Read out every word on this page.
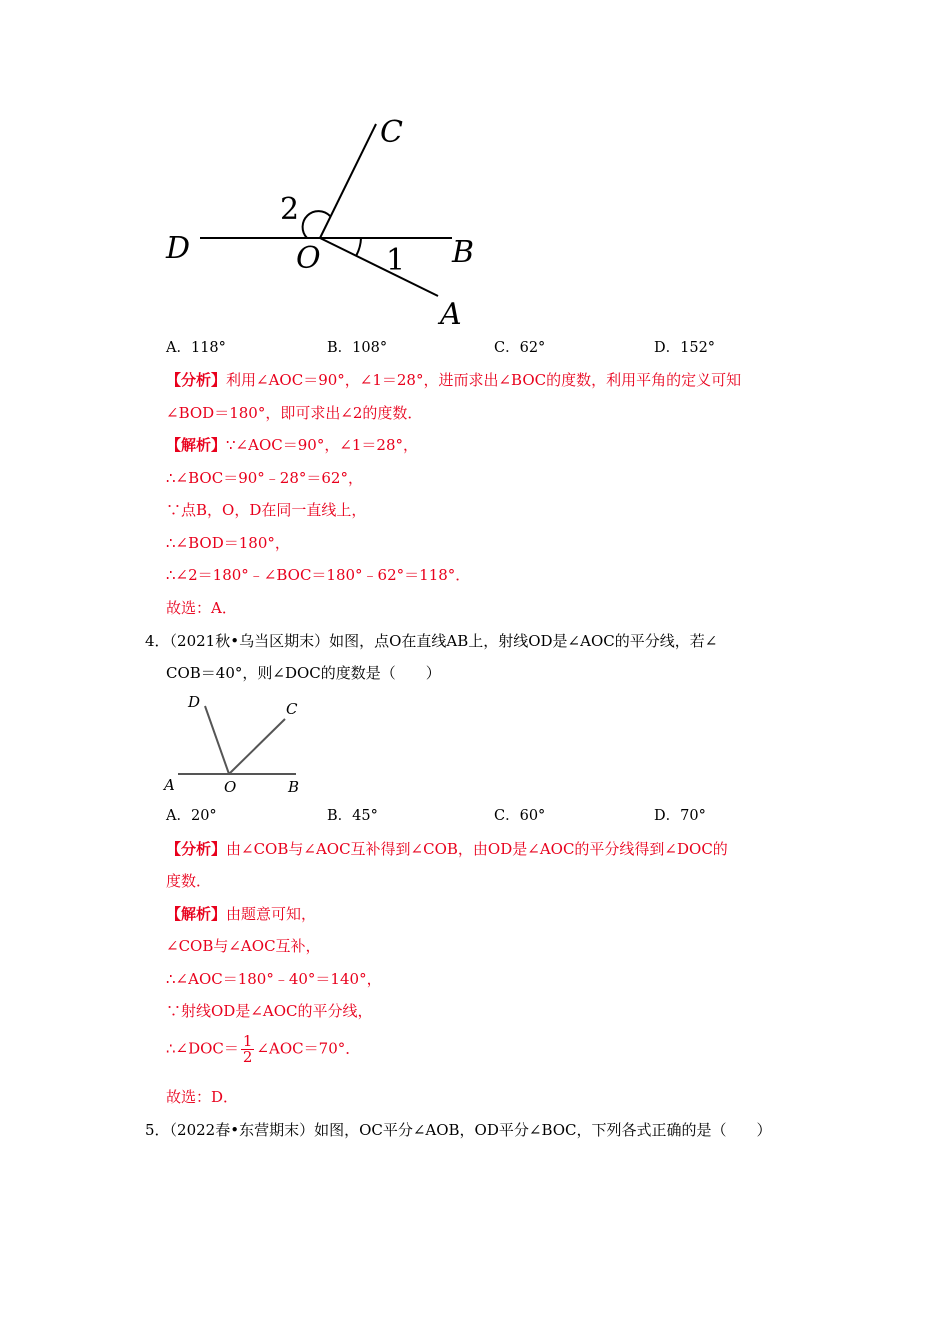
C
2
D	O 1 B
A
A．118°	B．108°	C．62°	D．152°
【分析】利用∠AOC＝90°，∠1＝28°，进而求出∠BOC的度数，利用平角的定义可知
∠BOD＝180°，即可求出∠2的度数．
【解析】∵∠AOC＝90°，∠1＝28°，
∴∠BOC＝90°﹣28°＝62°，
∵点B，O，D在同一直线上，
∴∠BOD＝180°，
∴∠2＝180°﹣∠BOC＝180°﹣62°＝118°．
故选：A．
4．（2021秋•乌当区期末）如图，点O在直线AB上，射线OD是∠AOC的平分线，若∠
COB＝40°，则∠DOC的度数是（　　）
D	C
A	O	B
A．20°	B．45°	C．60°	D．70°
【分析】由∠COB与∠AOC互补得到∠COB，由OD是∠AOC的平分线得到∠DOC的
度数．
【解析】由题意可知，
∠COB与∠AOC互补，
∴∠AOC＝180°﹣40°＝140°，
∵射线OD是∠AOC的平分线，
∴∠DOC＝ $\frac{1}{2}$ ∠AOC＝70°．
故选：D．
5．（2022春•东营期末）如图，OC平分∠AOB，OD平分∠BOC，下列各式正确的是（　　）
